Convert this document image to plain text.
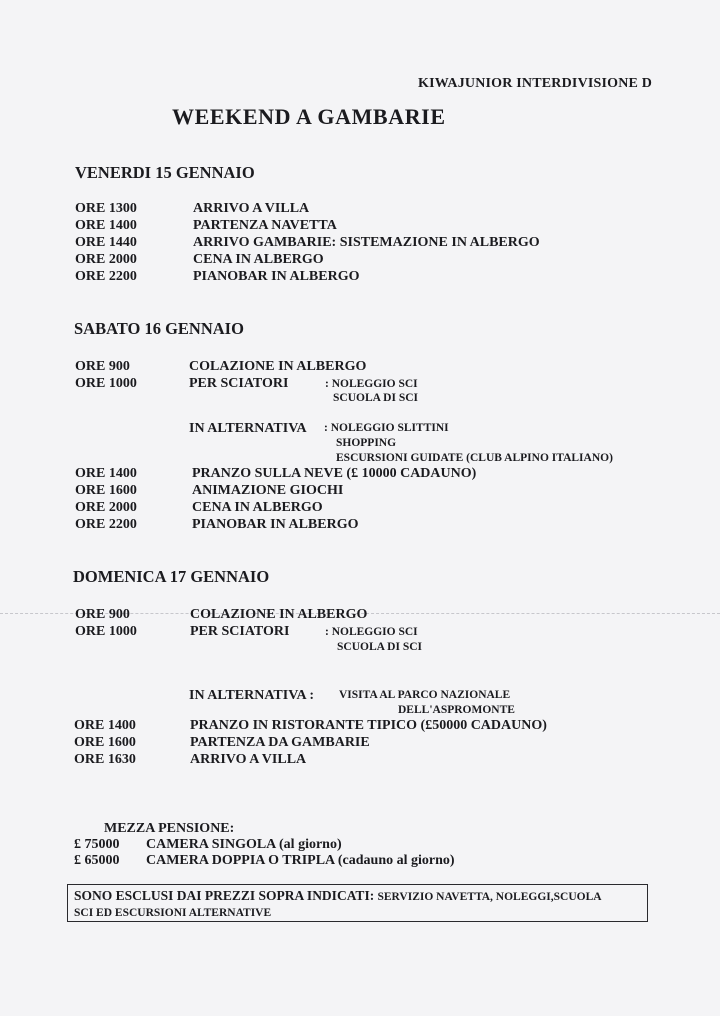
KIWAJUNIOR INTERDIVISIONE D
WEEKEND A GAMBARIE
VENERDI 15 GENNAIO
ORE 1300	ARRIVO A VILLA
ORE 1400	PARTENZA NAVETTA
ORE 1440	ARRIVO GAMBARIE: SISTEMAZIONE IN ALBERGO
ORE 2000	CENA IN ALBERGO
ORE 2200	PIANOBAR IN ALBERGO
SABATO 16 GENNAIO
ORE 900	COLAZIONE IN ALBERGO
ORE 1000	PER SCIATORI	: NOLEGGIO SCI
SCUOLA DI SCI
IN ALTERNATIVA : NOLEGGIO SLITTINI
SHOPPING
ESCURSIONI GUIDATE (CLUB ALPINO ITALIANO)
ORE 1400	PRANZO SULLA NEVE (£ 10000 CADAUNO)
ORE 1600	ANIMAZIONE GIOCHI
ORE 2000	CENA IN ALBERGO
ORE 2200	PIANOBAR IN ALBERGO
DOMENICA 17 GENNAIO
ORE 900	COLAZIONE IN ALBERGO
ORE 1000	PER SCIATORI	: NOLEGGIO SCI
SCUOLA DI SCI
IN ALTERNATIVA : VISITA AL PARCO NAZIONALE
DELL'ASPROMONTE
ORE 1400	PRANZO IN RISTORANTE TIPICO (£50000 CADAUNO)
ORE 1600	PARTENZA DA GAMBARIE
ORE 1630	ARRIVO A VILLA
MEZZA PENSIONE:
£ 75000 CAMERA SINGOLA (al giorno)
£ 65000 CAMERA DOPPIA O TRIPLA (cadauno al giorno)
SONO ESCLUSI DAI PREZZI SOPRA INDICATI: SERVIZIO NAVETTA, NOLEGGI,SCUOLA
SCI ED ESCURSIONI ALTERNATIVE
